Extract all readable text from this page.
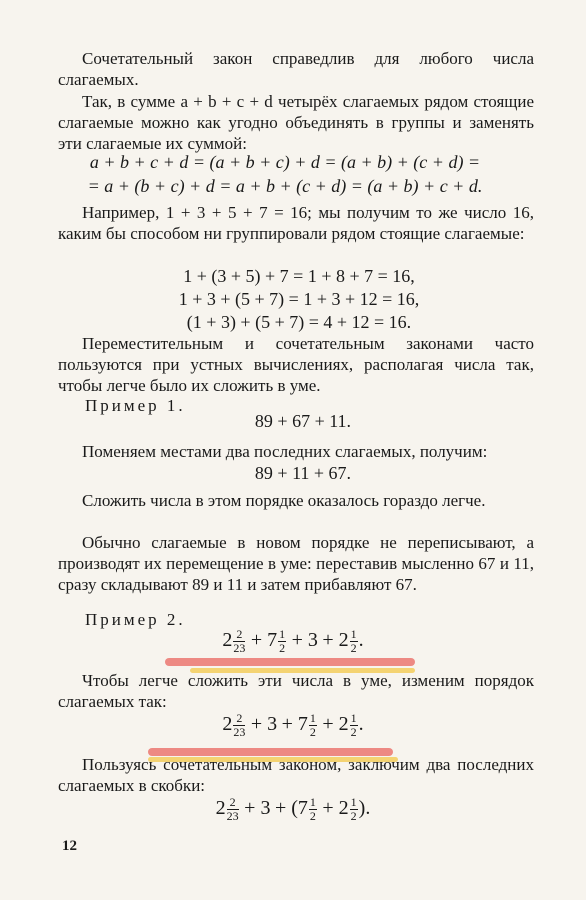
Сочетательный закон справедлив для любого числа слагаемых.
Так, в сумме a + b + c + d четырёх слагаемых рядом стоящие слагаемые можно как угодно объединять в группы и заменять эти слагаемые их суммой:
a + b + c + d = (a + b + c) + d = (a + b) + (c + d) =
= a + (b + c) + d = a + b + (c + d) = (a + b) + c + d.
Например, 1 + 3 + 5 + 7 = 16; мы получим то же число 16, каким бы способом ни группировали рядом стоящие слагаемые:
1 + (3 + 5) + 7 = 1 + 8 + 7 = 16,
1 + 3 + (5 + 7) = 1 + 3 + 12 = 16,
(1 + 3) + (5 + 7) = 4 + 12 = 16.
Переместительным и сочетательным законами часто пользуются при устных вычислениях, располагая числа так, чтобы легче было их сложить в уме.
Пример 1.
89 + 67 + 11.
Поменяем местами два последних слагаемых, получим:
89 + 11 + 67.
Сложить числа в этом порядке оказалось гораздо легче.
Обычно слагаемые в новом порядке не переписывают, а производят их перемещение в уме: переставив мысленно 67 и 11, сразу складывают 89 и 11 и затем прибавляют 67.
Пример 2.
$2 \frac{2}{23} + 7 \frac{1}{2} + 3 + 2 \frac{1}{2}$ .
Чтобы легче сложить эти числа в уме, изменим порядок слагаемых так:
$2 \frac{2}{23} + 3 + 7 \frac{1}{2} + 2 \frac{1}{2}$ .
Пользуясь сочетательным законом, заключим два последних слагаемых в скобки:
$2 \frac{2}{23} + 3 + (7 \frac{1}{2} + 2 \frac{1}{2}$ ).
12
